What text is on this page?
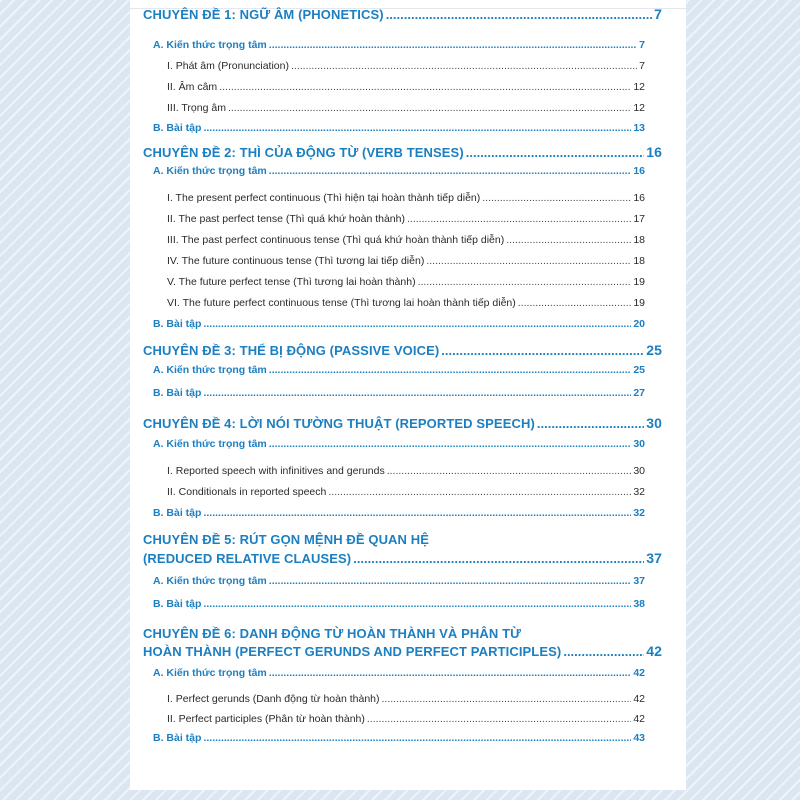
CHUYÊN ĐỀ 1: NGỮ ÂM (PHONETICS) .....	7
A. Kiến thức trọng tâm .....	7
I. Phát âm (Pronunciation) .....	7
II. Âm câm .....	12
III. Trọng âm .....	12
B. Bài tập .....	13
CHUYÊN ĐỀ 2: THÌ CỦA ĐỘNG TỪ (VERB TENSES) .....	16
A. Kiến thức trọng tâm .....	16
I. The present perfect continuous (Thì hiện tại hoàn thành tiếp diễn) .....	16
II. The past perfect tense (Thì quá khứ hoàn thành) .....	17
III. The past perfect continuous tense (Thì quá khứ hoàn thành tiếp diễn) .....	18
IV. The future continuous tense (Thì tương lai tiếp diễn) .....	18
V. The future perfect tense (Thì tương lai hoàn thành) .....	19
VI. The future perfect continuous tense (Thì tương lai hoàn thành tiếp diễn) .....	19
B. Bài tập .....	20
CHUYÊN ĐỀ 3: THỂ BỊ ĐỘNG (PASSIVE VOICE) .....	25
A. Kiến thức trọng tâm .....	25
B. Bài tập .....	27
CHUYÊN ĐỀ 4: LỜI NÓI TƯỜNG THUẬT (REPORTED SPEECH) .....	30
A. Kiến thức trọng tâm .....	30
I. Reported speech with infinitives and gerunds .....	30
II. Conditionals in reported speech .....	32
B. Bài tập .....	32
CHUYÊN ĐỀ 5: RÚT GỌN MỆNH ĐỀ QUAN HỆ
(REDUCED RELATIVE CLAUSES) .....	37
A. Kiến thức trọng tâm .....	37
B. Bài tập .....	38
CHUYÊN ĐỀ 6: DANH ĐỘNG TỪ HOÀN THÀNH VÀ PHÂN TỪ
HOÀN THÀNH (PERFECT GERUNDS AND PERFECT PARTICIPLES) .....	42
A. Kiến thức trọng tâm .....	42
I. Perfect gerunds (Danh động từ hoàn thành) .....	42
II. Perfect participles (Phân từ hoàn thành) .....	42
B. Bài tập .....	43
